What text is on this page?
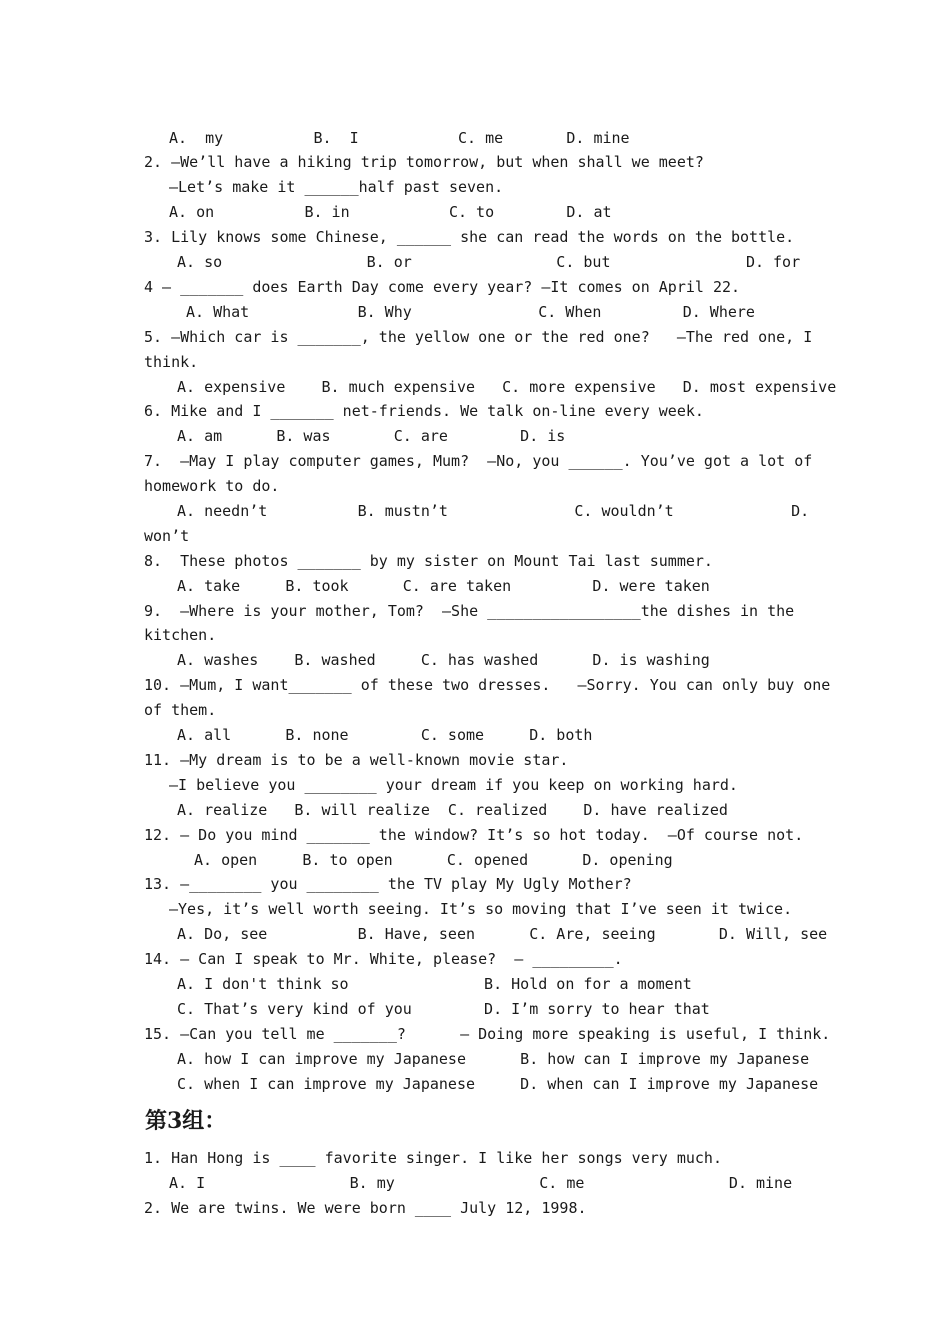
A.  my          B.  I           C. me       D. mine
2. —We’ll have a hiking trip tomorrow, but when shall we meet?
—Let’s make it ______half past seven.
A. on          B. in           C. to        D. at
3. Lily knows some Chinese, ______ she can read the words on the bottle.
A. so                B. or                C. but               D. for
4 — _______ does Earth Day come every year? —It comes on April 22.
A. What            B. Why              C. When         D. Where
5. —Which car is _______, the yellow one or the red one?   —The red one, I
think.
A. expensive    B. much expensive   C. more expensive   D. most expensive
6. Mike and I _______ net-friends. We talk on-line every week.
A. am      B. was       C. are        D. is
7.  —May I play computer games, Mum?  —No, you ______. You’ve got a lot of
homework to do.
A. needn’t          B. mustn’t              C. wouldn’t             D.
won’t
8.  These photos _______ by my sister on Mount Tai last summer.
A. take     B. took      C. are taken         D. were taken
9.  —Where is your mother, Tom?  —She _________________the dishes in the
kitchen.
A. washes    B. washed     C. has washed      D. is washing
10. —Mum, I want_______ of these two dresses.   —Sorry. You can only buy one
of them.
A. all      B. none        C. some     D. both
11. —My dream is to be a well-known movie star.
—I believe you ________ your dream if you keep on working hard.
A. realize   B. will realize  C. realized    D. have realized
12. — Do you mind _______ the window? It’s so hot today.  —Of course not.
A. open     B. to open      C. opened      D. opening
13. —________ you ________ the TV play My Ugly Mother?
—Yes, it’s well worth seeing. It’s so moving that I’ve seen it twice.
A. Do, see          B. Have, seen      C. Are, seeing       D. Will, see
14. — Can I speak to Mr. White, please?  — _________.
A. I don't think so               B. Hold on for a moment
C. That’s very kind of you        D. I’m sorry to hear that
15. —Can you tell me _______?      — Doing more speaking is useful, I think.
A. how I can improve my Japanese      B. how can I improve my Japanese
C. when I can improve my Japanese     D. when can I improve my Japanese
第3组：
1. Han Hong is ____ favorite singer. I like her songs very much.
A. I                B. my                C. me                D. mine
2. We are twins. We were born ____ July 12, 1998.
